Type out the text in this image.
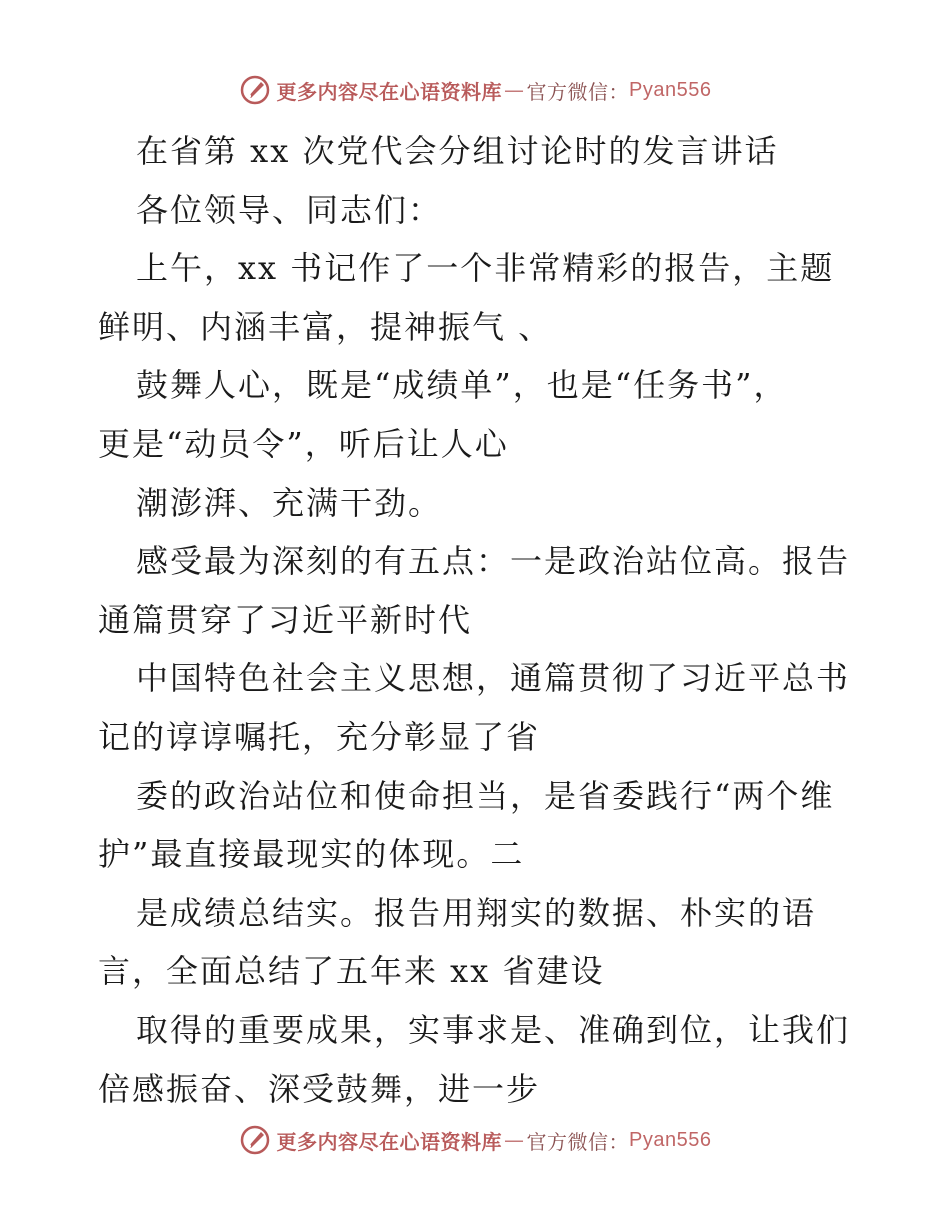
更多内容尽在心语资料库 — 官方微信： Pyan556
在省第 xx 次党代会分组讨论时的发言讲话
各位领导、同志们：
上午，xx 书记作了一个非常精彩的报告，主题
鲜明、内涵丰富，提神振气 、
鼓舞人心，既是“成绩单”，也是“任务书”，
更是“动员令”，听后让人心
潮澎湃、充满干劲。
感受最为深刻的有五点：一是政治站位高。报告
通篇贯穿了习近平新时代
中国特色社会主义思想，通篇贯彻了习近平总书
记的谆谆嘱托，充分彰显了省
委的政治站位和使命担当，是省委践行“两个维
护”最直接最现实的体现。二
是成绩总结实。报告用翔实的数据、朴实的语
言，全面总结了五年来 xx 省建设
取得的重要成果，实事求是、准确到位，让我们
倍感振奋、深受鼓舞，进一步
更多内容尽在心语资料库 — 官方微信： Pyan556
